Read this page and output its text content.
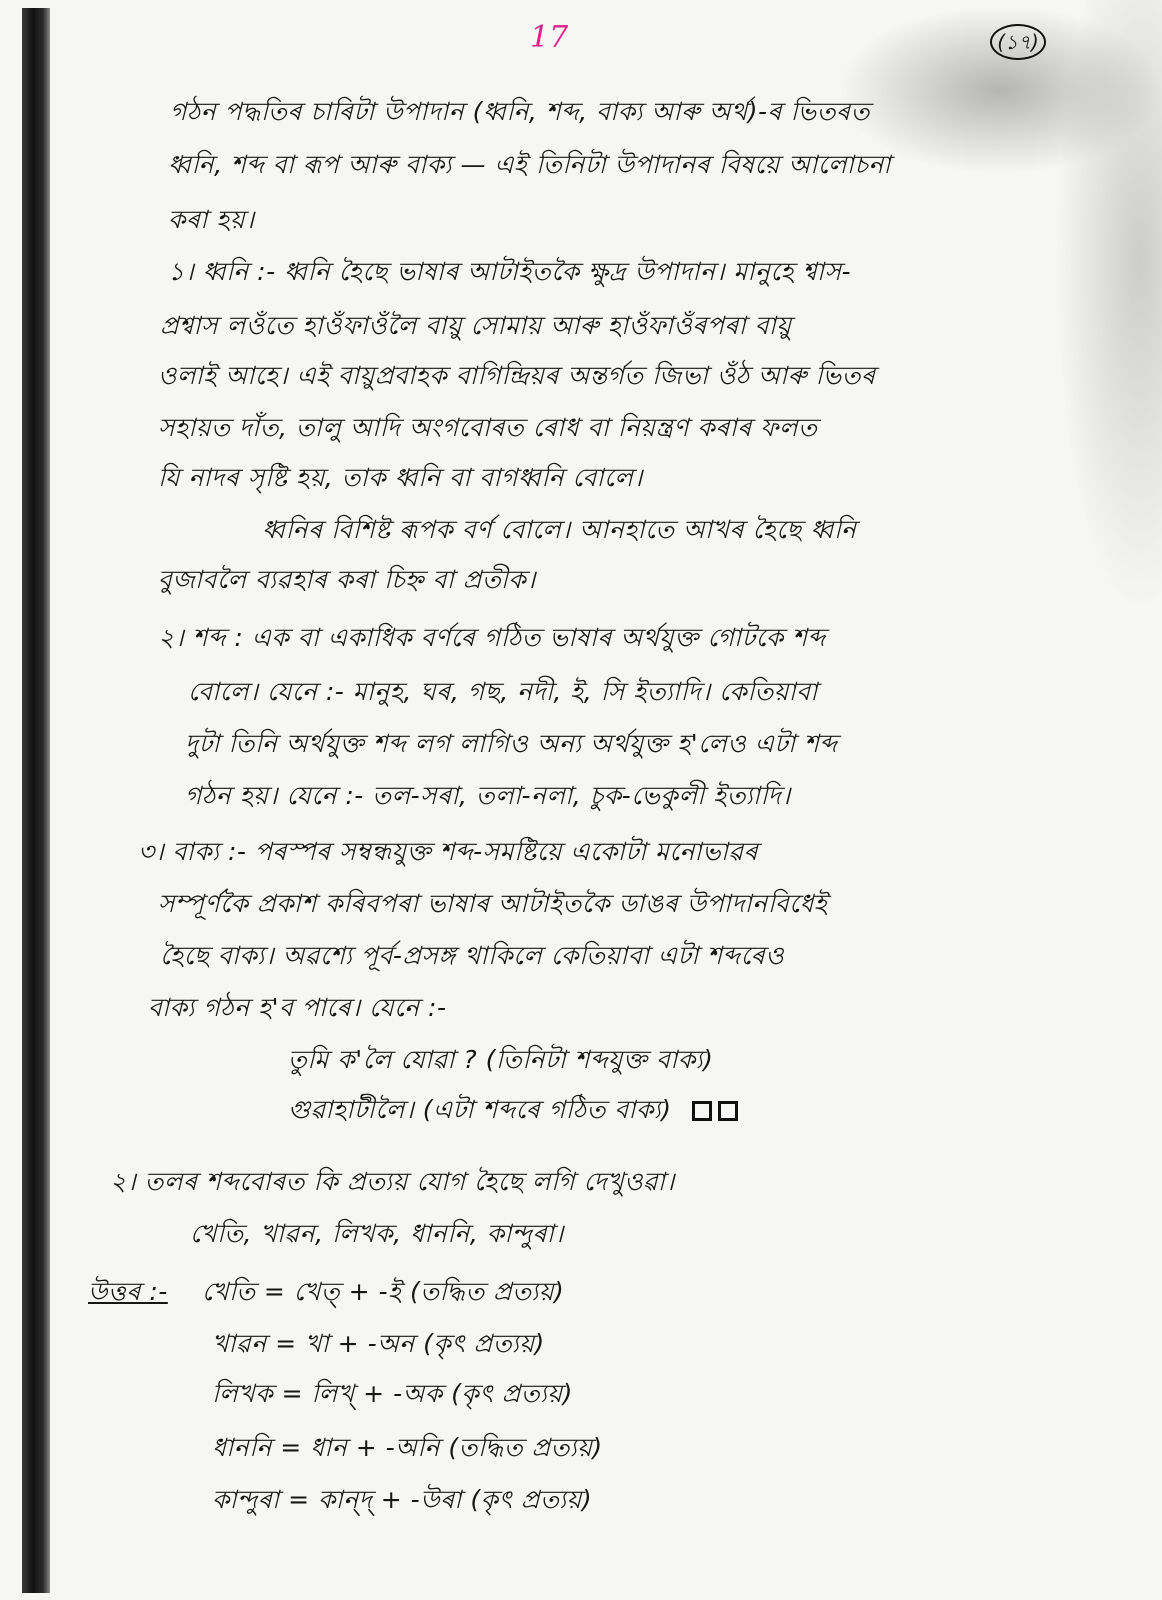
17	(১৭)
গঠন পদ্ধতিৰ চাৰিটা উপাদান (ধ্বনি, শব্দ, বাক্য আৰু অৰ্থ)-ৰ ভিতৰত
ধ্বনি, শব্দ বা ৰূপ আৰু বাক্য — এই তিনিটা উপাদানৰ বিষয়ে আলোচনা
কৰা হয়।
১। ধ্বনি :- ধ্বনি হৈছে ভাষাৰ আটাইতকৈ ক্ষুদ্ৰ উপাদান। মানুহে শ্বাস-
প্ৰশ্বাস লওঁতে হাওঁফাওঁলৈ বায়ু সোমায় আৰু হাওঁফাওঁৰপৰা বায়ু
ওলাই আহে। এই বায়ুপ্ৰবাহক বাগিন্দ্ৰিয়ৰ অন্তৰ্গত জিভা ওঁঠ আৰু ভিতৰ
সহায়ত দাঁত, তালু আদি অংগবোৰত ৰোধ বা নিয়ন্ত্ৰণ কৰাৰ ফলত
যি নাদৰ সৃষ্টি হয়, তাক ধ্বনি বা বাগধ্বনি বোলে।
ধ্বনিৰ বিশিষ্ট ৰূপক বৰ্ণ বোলে। আনহাতে আখৰ হৈছে ধ্বনি
বুজাবলৈ ব্যৱহাৰ কৰা চিহ্ন বা প্ৰতীক।
২। শব্দ : এক বা একাধিক বৰ্ণৰে গঠিত ভাষাৰ অৰ্থযুক্ত গোটকে শব্দ
বোলে। যেনে :- মানুহ, ঘৰ, গছ, নদী, ই, সি ইত্যাদি। কেতিয়াবা
দুটা তিনি অৰ্থযুক্ত শব্দ লগ লাগিও অন্য অৰ্থযুক্ত হ'লেও এটা শব্দ
গঠন হয়। যেনে :- তল-সৰা, তলা-নলা, চুক-ভেকুলী ইত্যাদি।
৩। বাক্য :- পৰস্পৰ সম্বন্ধযুক্ত শব্দ-সমষ্টিয়ে একোটা মনোভাৱৰ
সম্পূৰ্ণকৈ প্ৰকাশ কৰিবপৰা ভাষাৰ আটাইতকৈ ডাঙৰ উপাদানবিধেই
হৈছে বাক্য। অৱশ্যে পূৰ্ব-প্ৰসঙ্গ থাকিলে কেতিয়াবা এটা শব্দৰেও
বাক্য গঠন হ'ব পাৰে। যেনে :-
তুমি ক'লৈ যোৱা ? (তিনিটা শব্দযুক্ত বাক্য)
গুৱাহাটীলৈ। (এটা শব্দৰে গঠিত বাক্য)
২। তলৰ শব্দবোৰত কি প্ৰত্যয় যোগ হৈছে লগি দেখুওৱা।
খেতি, খাৱন, লিখক, ধাননি, কান্দুৰা।
উত্তৰ :- খেতি = খেত্ + -ই (তদ্ধিত প্ৰত্যয়)
খাৱন = খা + -অন (কৃৎ প্ৰত্যয়)
লিখক = লিখ্ + -অক (কৃৎ প্ৰত্যয়)
ধাননি = ধান + -অনি (তদ্ধিত প্ৰত্যয়)
কান্দুৰা = কান্দ্ + -উৰা (কৃৎ প্ৰত্যয়)
